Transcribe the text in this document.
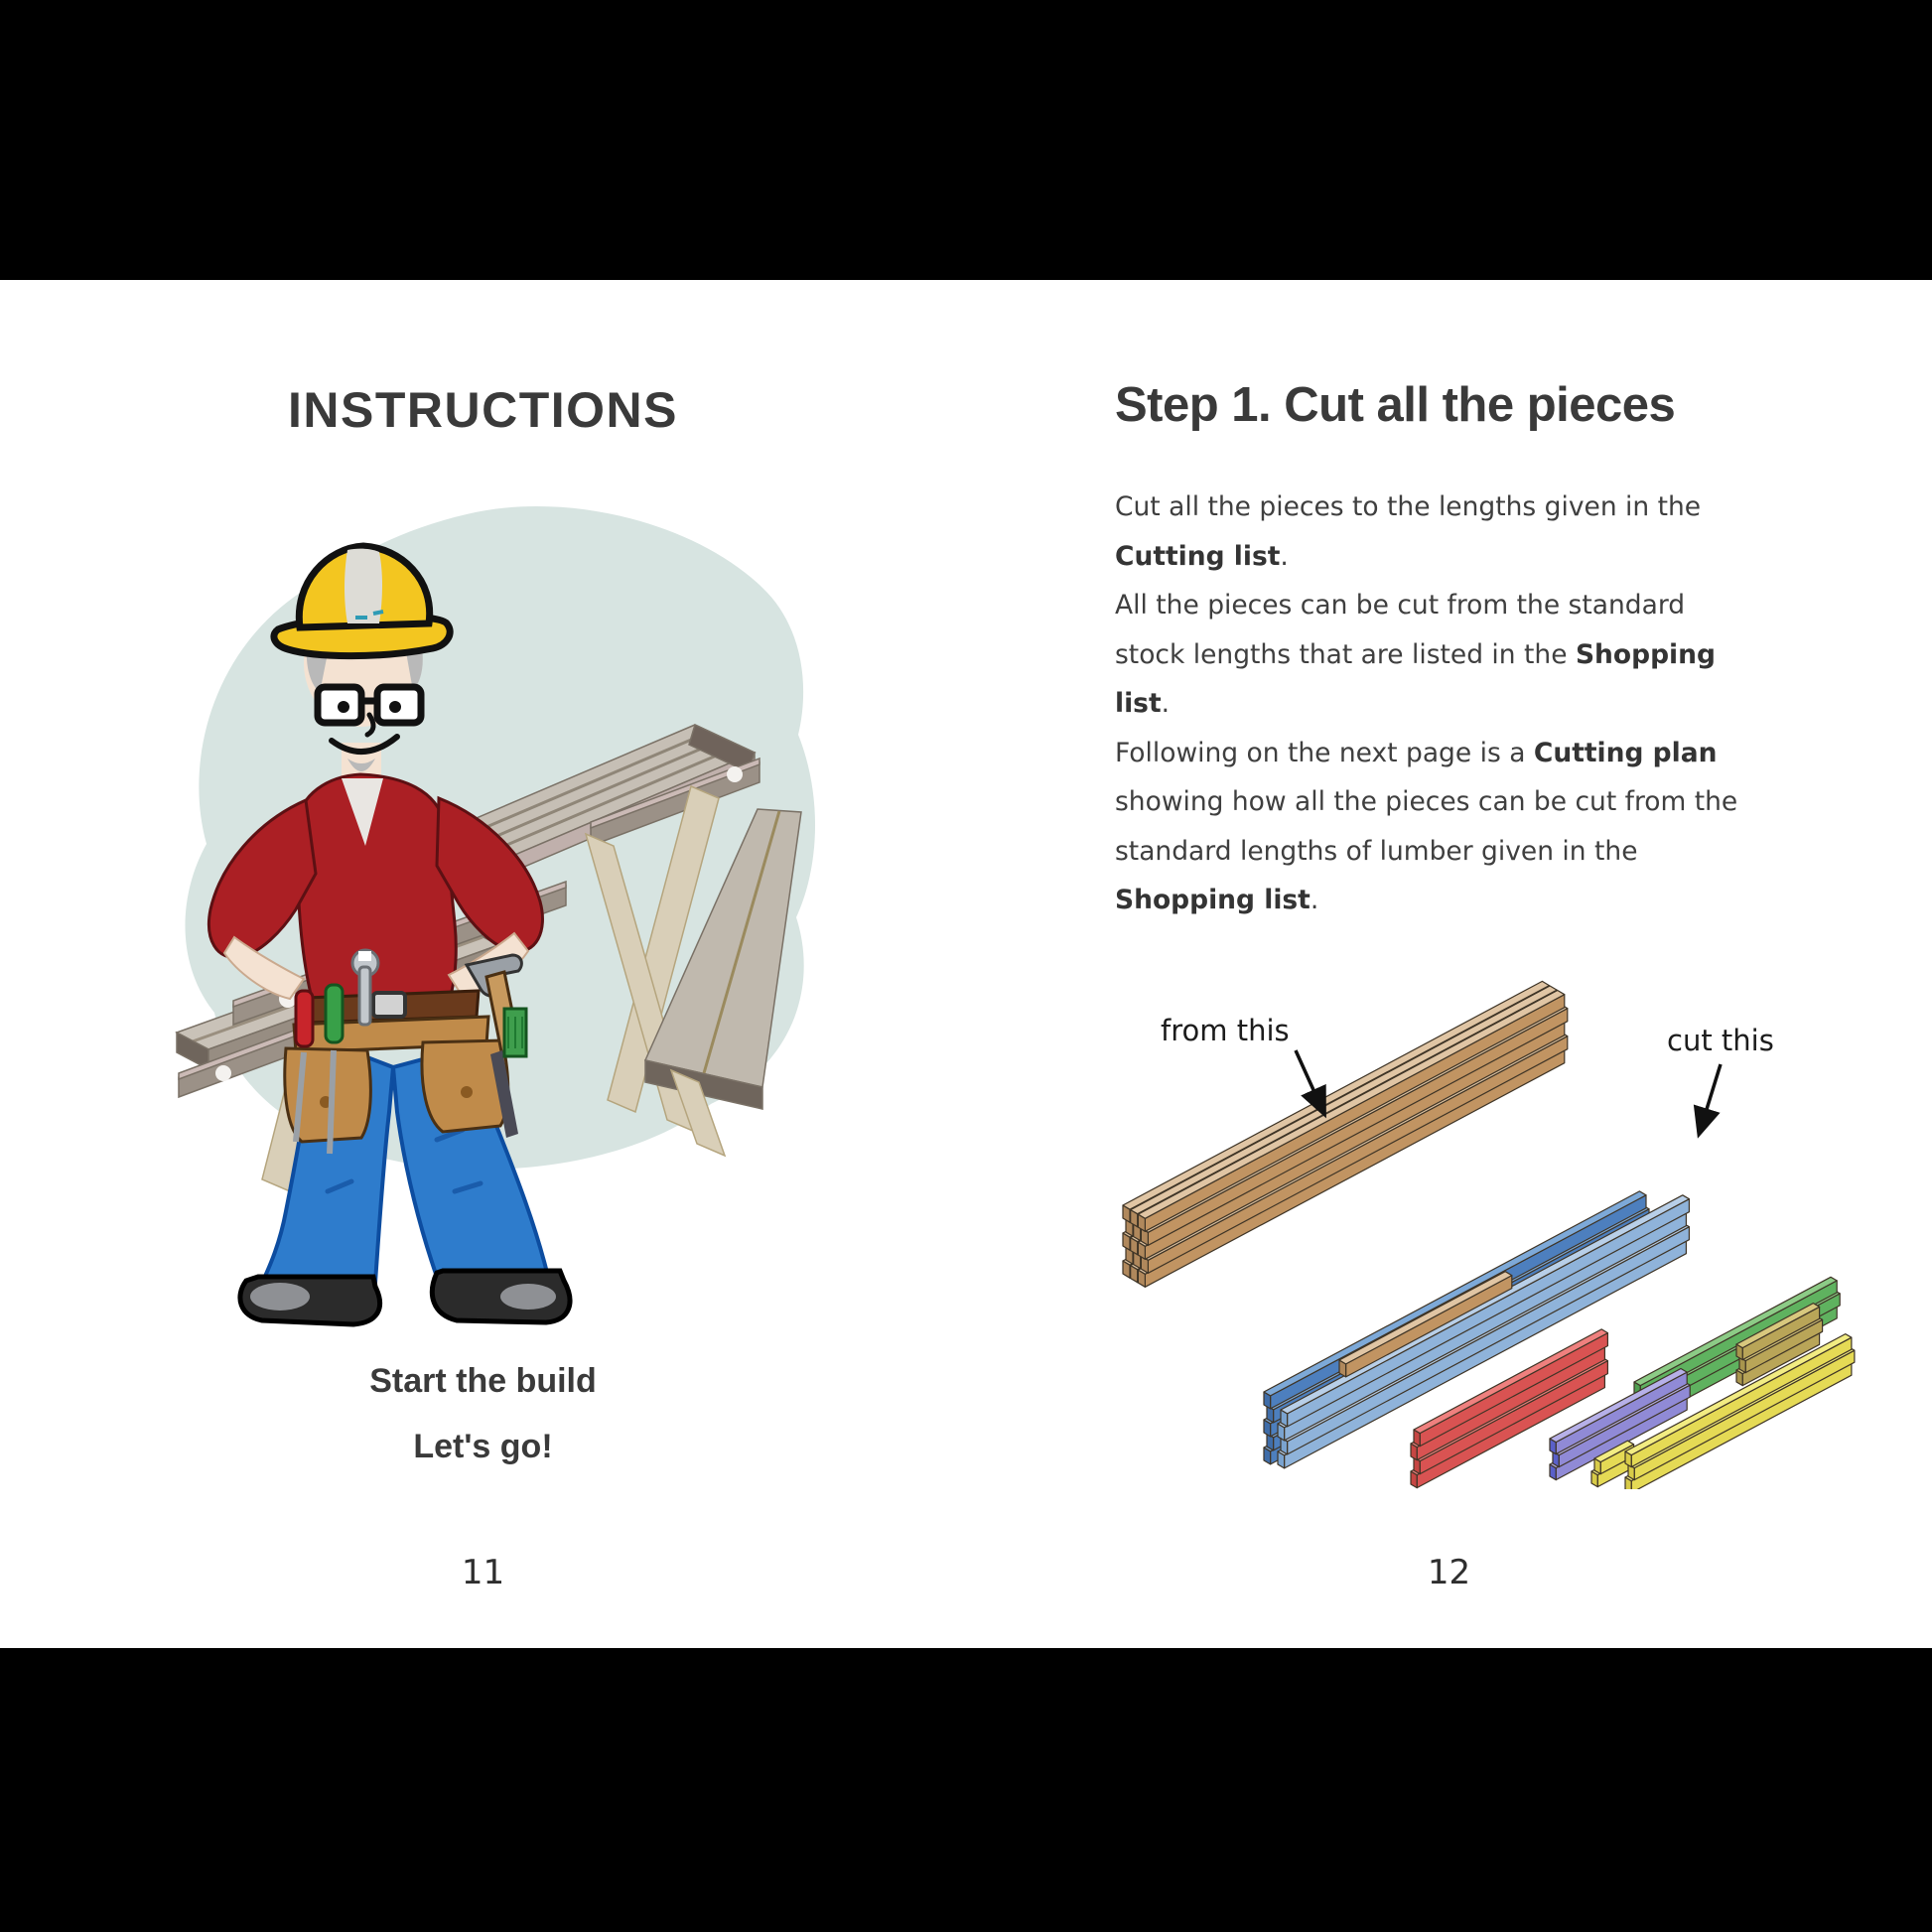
INSTRUCTIONS
Start the build
Let's go!
11
Step 1. Cut all the pieces
Cut all the pieces to the lengths given in the
Cutting list.
All the pieces can be cut from the standard
stock lengths that are listed in the Shopping
list.
Following on the next page is a Cutting plan
showing how all the pieces can be cut from the
standard lengths of lumber given in the
Shopping list.
from this	cut this
12
